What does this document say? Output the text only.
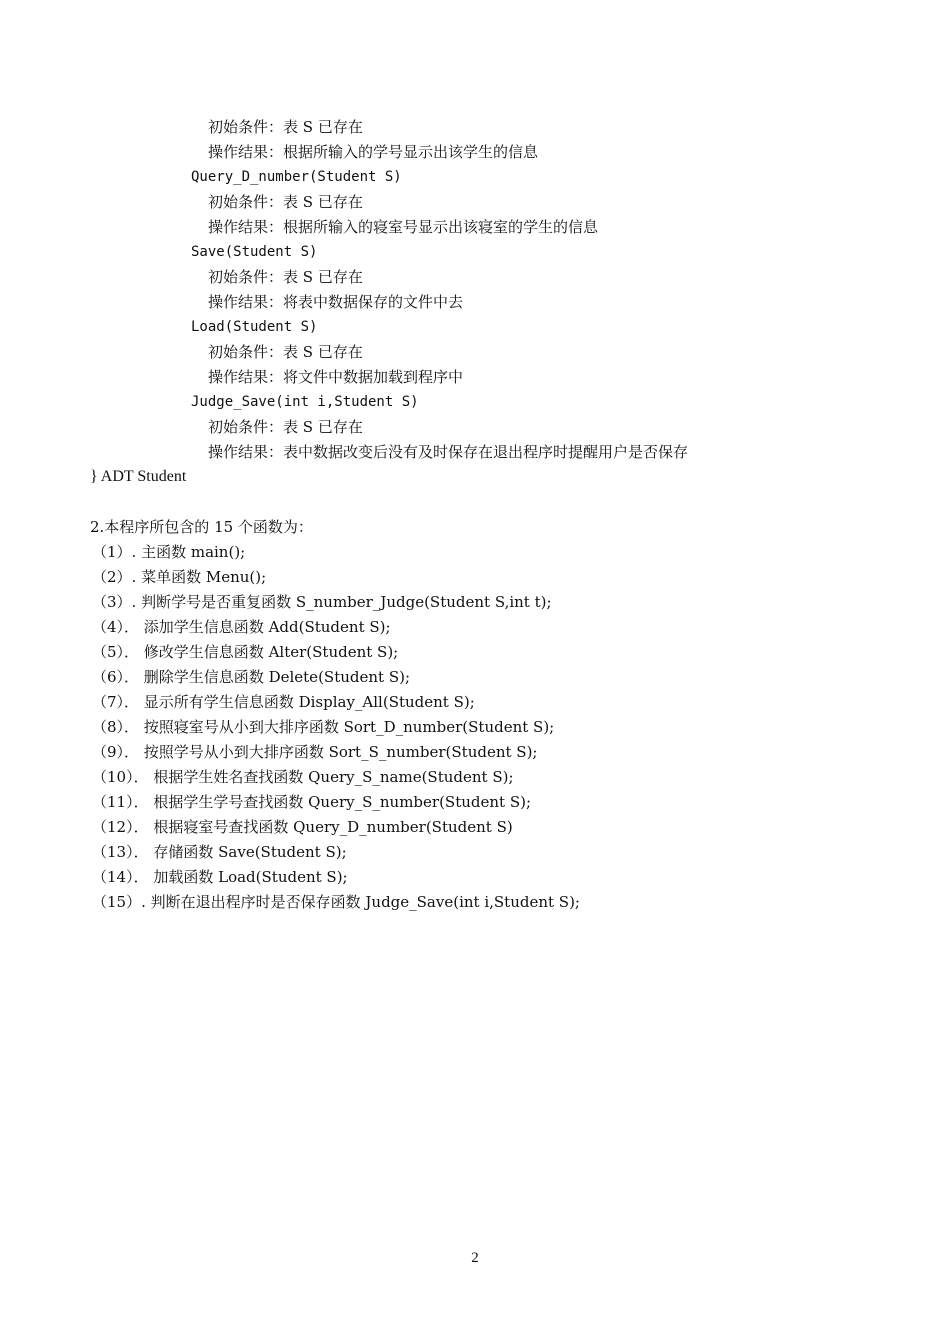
初始条件：表 S 已存在
操作结果：根据所输入的学号显示出该学生的信息
Query_D_number(Student S)
初始条件：表 S 已存在
操作结果：根据所输入的寝室号显示出该寝室的学生的信息
Save(Student S)
初始条件：表 S 已存在
操作结果：将表中数据保存的文件中去
Load(Student S)
初始条件：表 S 已存在
操作结果：将文件中数据加载到程序中
Judge_Save(int i,Student S)
初始条件：表 S 已存在
操作结果：表中数据改变后没有及时保存在退出程序时提醒用户是否保存
} ADT Student
2.本程序所包含的 15 个函数为：
（1）. 主函数 main();
（2）. 菜单函数 Menu();
（3）. 判断学号是否重复函数 S_number_Judge(Student S,int t);
（4）． 添加学生信息函数 Add(Student S);
（5）． 修改学生信息函数 Alter(Student S);
（6）． 删除学生信息函数 Delete(Student S);
（7）． 显示所有学生信息函数 Display_All(Student S);
（8）． 按照寝室号从小到大排序函数 Sort_D_number(Student S);
（9）． 按照学号从小到大排序函数 Sort_S_number(Student S);
（10）． 根据学生姓名查找函数 Query_S_name(Student S);
（11）． 根据学生学号查找函数 Query_S_number(Student S);
（12）． 根据寝室号查找函数 Query_D_number(Student S)
（13）． 存储函数 Save(Student S);
（14）． 加载函数 Load(Student S);
（15）. 判断在退出程序时是否保存函数 Judge_Save(int i,Student S);
2
